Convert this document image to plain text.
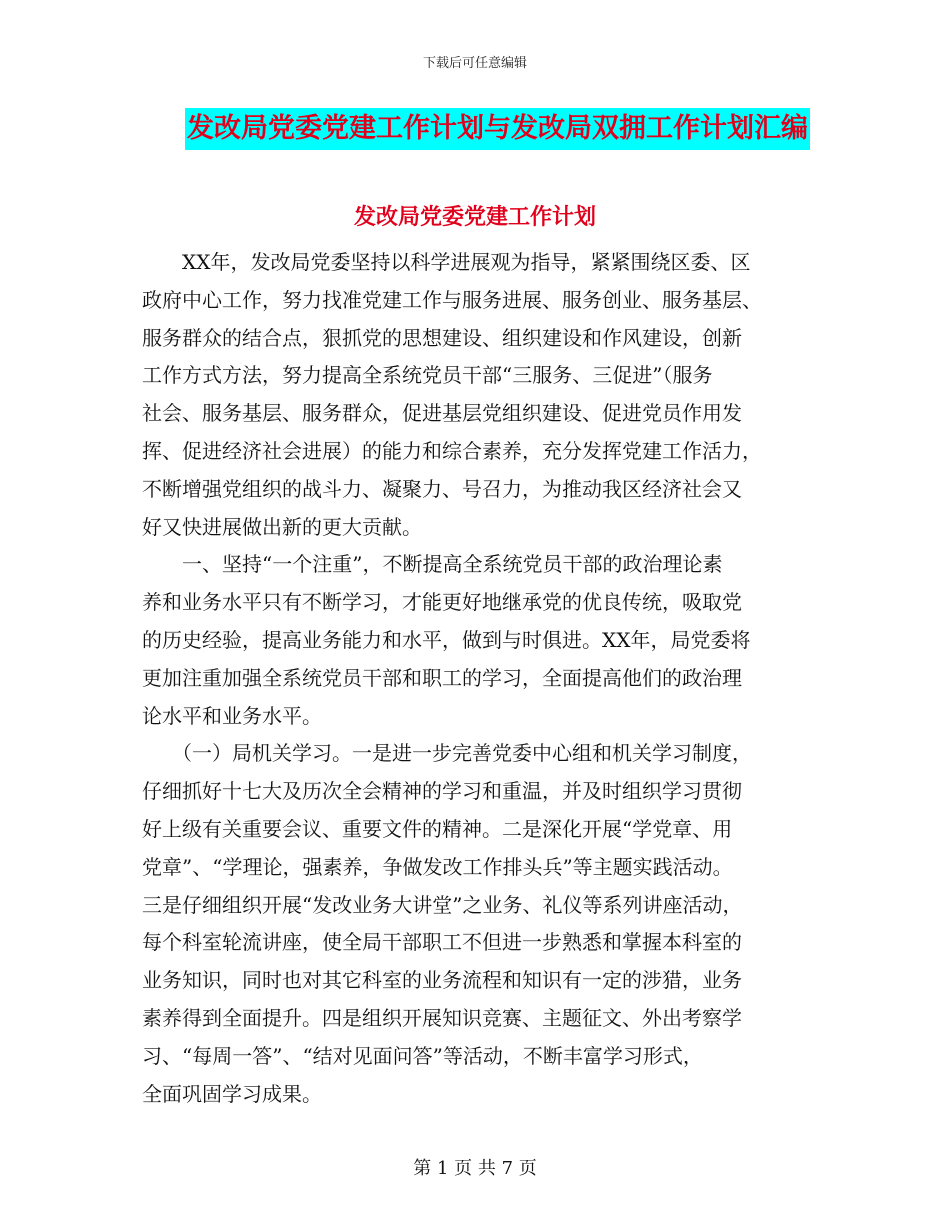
下载后可任意编辑
发改局党委党建工作计划与发改局双拥工作计划汇编
发改局党委党建工作计划

XX年，发改局党委坚持以科学进展观为指导，紧紧围绕区委、区
政府中心工作，努力找准党建工作与服务进展、服务创业、服务基层、
服务群众的结合点，狠抓党的思想建设、组织建设和作风建设，创新
工作方式方法，努力提高全系统党员干部“三服务、三促进”（服务
社会、服务基层、服务群众，促进基层党组织建设、促进党员作用发
挥、促进经济社会进展）的能力和综合素养，充分发挥党建工作活力，
不断增强党组织的战斗力、凝聚力、号召力，为推动我区经济社会又
好又快进展做出新的更大贡献。

一、坚持“一个注重”，不断提高全系统党员干部的政治理论素
养和业务水平只有不断学习，才能更好地继承党的优良传统，吸取党
的历史经验，提高业务能力和水平，做到与时俱进。XX年，局党委将
更加注重加强全系统党员干部和职工的学习，全面提高他们的政治理
论水平和业务水平。

（一）局机关学习。一是进一步完善党委中心组和机关学习制度，
仔细抓好十七大及历次全会精神的学习和重温，并及时组织学习贯彻
好上级有关重要会议、重要文件的精神。二是深化开展“学党章、用
党章”、“学理论，强素养，争做发改工作排头兵”等主题实践活动。
三是仔细组织开展“发改业务大讲堂”之业务、礼仪等系列讲座活动，
每个科室轮流讲座，使全局干部职工不但进一步熟悉和掌握本科室的
业务知识，同时也对其它科室的业务流程和知识有一定的涉猎，业务
素养得到全面提升。四是组织开展知识竞赛、主题征文、外出考察学
习、“每周一答”、“结对见面问答”等活动，不断丰富学习形式，
全面巩固学习成果。

第 1 页 共 7 页
